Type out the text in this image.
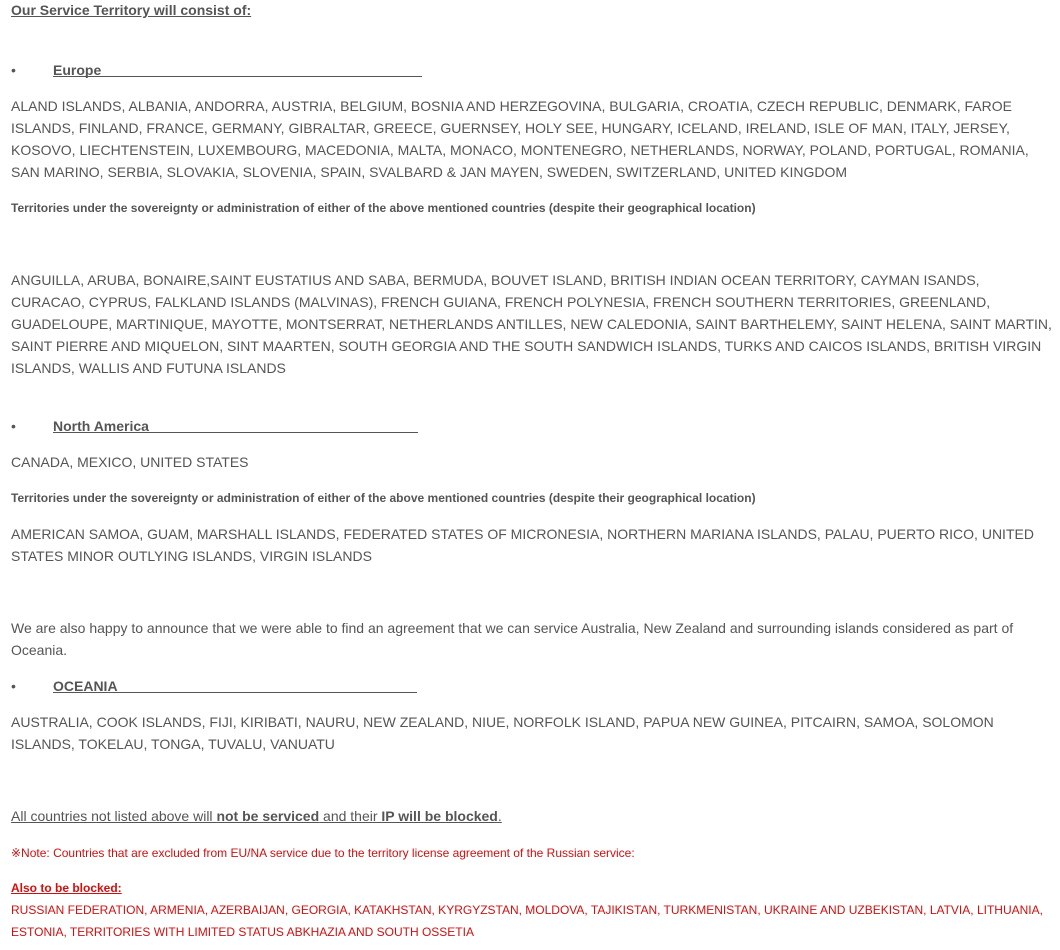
Our Service Territory will consist of:

•	Europe

ALAND ISLANDS, ALBANIA, ANDORRA, AUSTRIA, BELGIUM, BOSNIA AND HERZEGOVINA, BULGARIA, CROATIA, CZECH REPUBLIC, DENMARK, FAROE ISLANDS, FINLAND, FRANCE, GERMANY, GIBRALTAR, GREECE, GUERNSEY, HOLY SEE, HUNGARY, ICELAND, IRELAND, ISLE OF MAN, ITALY, JERSEY, KOSOVO, LIECHTENSTEIN, LUXEMBOURG, MACEDONIA, MALTA, MONACO, MONTENEGRO, NETHERLANDS, NORWAY, POLAND, PORTUGAL, ROMANIA, SAN MARINO, SERBIA, SLOVAKIA, SLOVENIA, SPAIN, SVALBARD & JAN MAYEN, SWEDEN, SWITZERLAND, UNITED KINGDOM

Territories under the sovereignty or administration of either of the above mentioned countries (despite their geographical location)

ANGUILLA, ARUBA, BONAIRE,SAINT EUSTATIUS AND SABA, BERMUDA, BOUVET ISLAND, BRITISH INDIAN OCEAN TERRITORY, CAYMAN ISANDS, CURACAO, CYPRUS, FALKLAND ISLANDS (MALVINAS), FRENCH GUIANA, FRENCH POLYNESIA, FRENCH SOUTHERN TERRITORIES, GREENLAND, GUADELOUPE, MARTINIQUE, MAYOTTE, MONTSERRAT, NETHERLANDS ANTILLES, NEW CALEDONIA, SAINT BARTHELEMY, SAINT HELENA, SAINT MARTIN, SAINT PIERRE AND MIQUELON, SINT MAARTEN, SOUTH GEORGIA AND THE SOUTH SANDWICH ISLANDS, TURKS AND CAICOS ISLANDS, BRITISH VIRGIN ISLANDS, WALLIS AND FUTUNA ISLANDS

•	North America

CANADA, MEXICO, UNITED STATES

Territories under the sovereignty or administration of either of the above mentioned countries (despite their geographical location)

AMERICAN SAMOA, GUAM, MARSHALL ISLANDS, FEDERATED STATES OF MICRONESIA, NORTHERN MARIANA ISLANDS, PALAU, PUERTO RICO, UNITED STATES MINOR OUTLYING ISLANDS, VIRGIN ISLANDS

We are also happy to announce that we were able to find an agreement that we can service Australia, New Zealand and surrounding islands considered as part of Oceania.

•	OCEANIA

AUSTRALIA, COOK ISLANDS, FIJI, KIRIBATI, NAURU, NEW ZEALAND, NIUE, NORFOLK ISLAND, PAPUA NEW GUINEA, PITCAIRN, SAMOA, SOLOMON ISLANDS, TOKELAU, TONGA, TUVALU, VANUATU

All countries not listed above will not be serviced and their IP will be blocked.

※Note: Countries that are excluded from EU/NA service due to the territory license agreement of the Russian service:

Also to be blocked:

RUSSIAN FEDERATION, ARMENIA, AZERBAIJAN, GEORGIA, KATAKHSTAN, KYRGYZSTAN, MOLDOVA, TAJIKISTAN, TURKMENISTAN, UKRAINE AND UZBEKISTAN, LATVIA, LITHUANIA, ESTONIA, TERRITORIES WITH LIMITED STATUS ABKHAZIA AND SOUTH OSSETIA
